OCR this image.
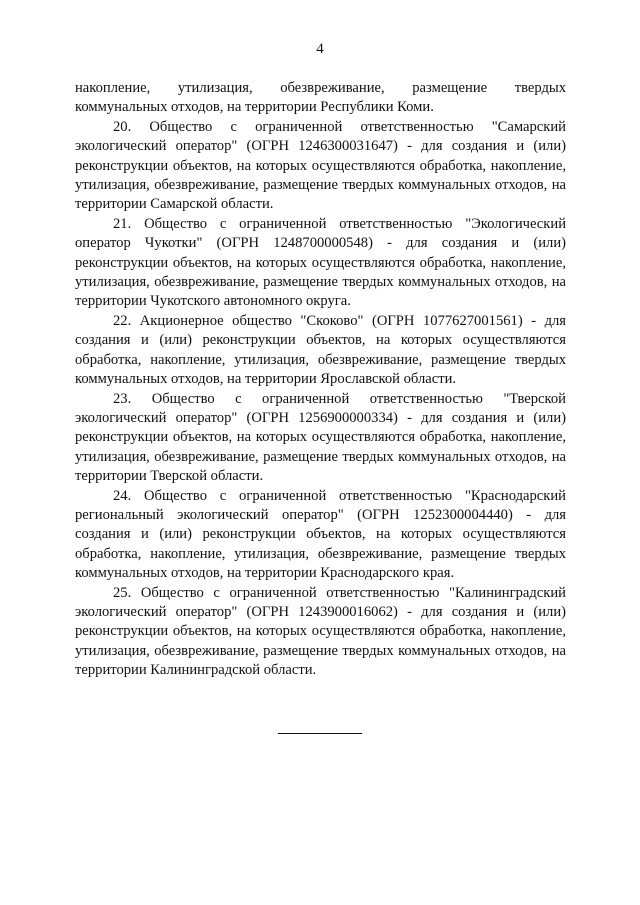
4

накопление, утилизация, обезвреживание, размещение твердых коммунальных отходов, на территории Республики Коми.

20. Общество с ограниченной ответственностью "Самарский экологический оператор" (ОГРН 1246300031647) - для создания и (или) реконструкции объектов, на которых осуществляются обработка, накопление, утилизация, обезвреживание, размещение твердых коммунальных отходов, на территории Самарской области.

21. Общество с ограниченной ответственностью "Экологический оператор Чукотки" (ОГРН 1248700000548) - для создания и (или) реконструкции объектов, на которых осуществляются обработка, накопление, утилизация, обезвреживание, размещение твердых коммунальных отходов, на территории Чукотского автономного округа.

22. Акционерное общество "Скоково" (ОГРН 1077627001561) - для создания и (или) реконструкции объектов, на которых осуществляются обработка, накопление, утилизация, обезвреживание, размещение твердых коммунальных отходов, на территории Ярославской области.

23. Общество с ограниченной ответственностью "Тверской экологический оператор" (ОГРН 1256900000334) - для создания и (или) реконструкции объектов, на которых осуществляются обработка, накопление, утилизация, обезвреживание, размещение твердых коммунальных отходов, на территории Тверской области.

24. Общество с ограниченной ответственностью "Краснодарский региональный экологический оператор" (ОГРН 1252300004440) - для создания и (или) реконструкции объектов, на которых осуществляются обработка, накопление, утилизация, обезвреживание, размещение твердых коммунальных отходов, на территории Краснодарского края.

25. Общество с ограниченной ответственностью "Калининградский экологический оператор" (ОГРН 1243900016062) - для создания и (или) реконструкции объектов, на которых осуществляются обработка, накопление, утилизация, обезвреживание, размещение твердых коммунальных отходов, на территории Калининградской области.
